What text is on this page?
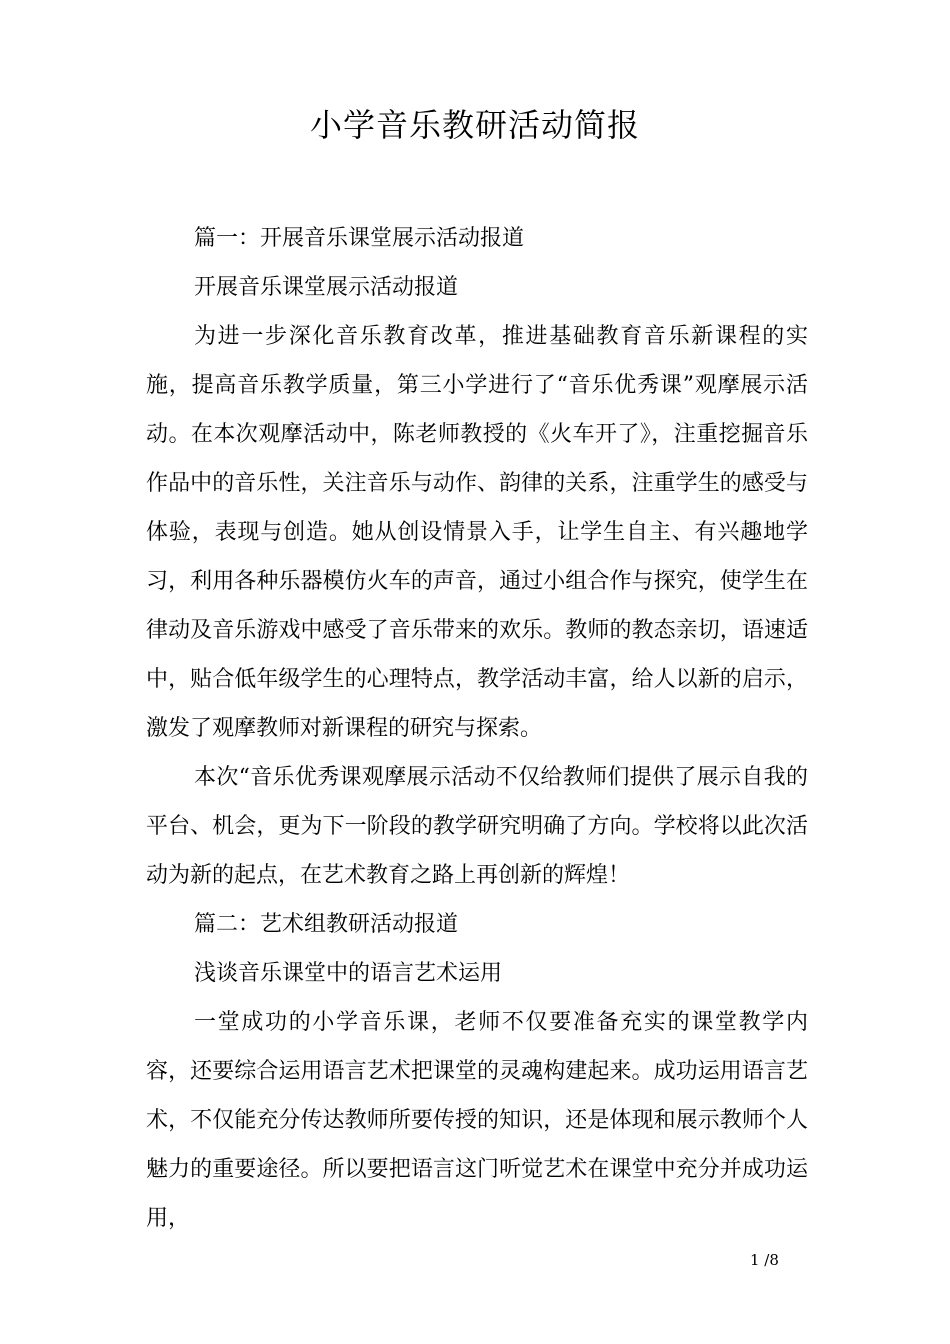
小学音乐教研活动简报

篇一：开展音乐课堂展示活动报道

开展音乐课堂展示活动报道

为进一步深化音乐教育改革，推进基础教育音乐新课程的实施，提高音乐教学质量，第三小学进行了“音乐优秀课”观摩展示活动。在本次观摩活动中，陈老师教授的《火车开了》，注重挖掘音乐作品中的音乐性，关注音乐与动作、韵律的关系，注重学生的感受与体验，表现与创造。她从创设情景入手，让学生自主、有兴趣地学习，利用各种乐器模仿火车的声音，通过小组合作与探究，使学生在律动及音乐游戏中感受了音乐带来的欢乐。教师的教态亲切，语速适中，贴合低年级学生的心理特点，教学活动丰富，给人以新的启示，激发了观摩教师对新课程的研究与探索。

本次“音乐优秀课观摩展示活动不仅给教师们提供了展示自我的平台、机会，更为下一阶段的教学研究明确了方向。学校将以此次活动为新的起点，在艺术教育之路上再创新的辉煌！

篇二：艺术组教研活动报道

浅谈音乐课堂中的语言艺术运用

一堂成功的小学音乐课，老师不仅要准备充实的课堂教学内容，还要综合运用语言艺术把课堂的灵魂构建起来。成功运用语言艺术，不仅能充分传达教师所要传授的知识，还是体现和展示教师个人魅力的重要途径。所以要把语言这门听觉艺术在课堂中充分并成功运用，

1 /8
